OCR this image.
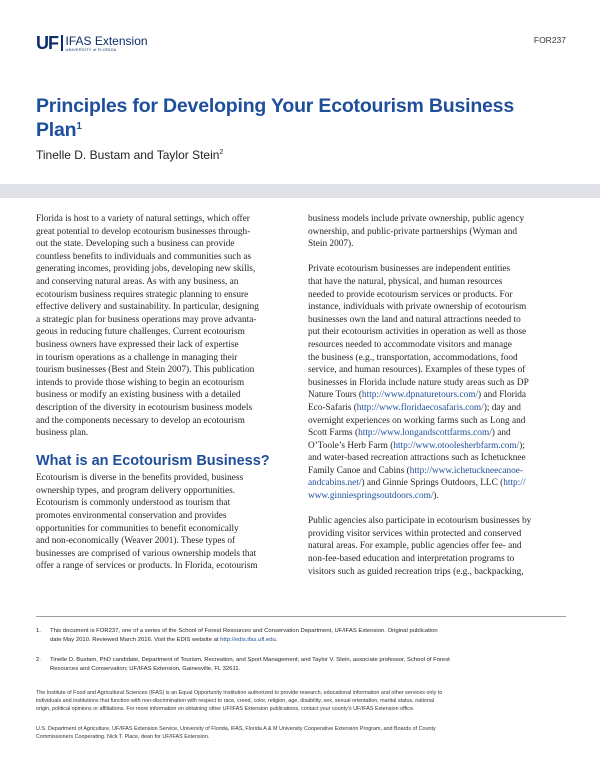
UF IFAS Extension
UNIVERSITY of FLORIDA
FOR237
Principles for Developing Your Ecotourism Business Plan$^1$
Tinelle D. Bustam and Taylor Stein$^2$

Florida is host to a variety of natural settings, which offer
great potential to develop ecotourism businesses through-
out the state. Developing such a business can provide
countless benefits to individuals and communities such as
generating incomes, providing jobs, developing new skills,
and conserving natural areas. As with any business, an
ecotourism business requires strategic planning to ensure
effective delivery and sustainability. In particular, designing
a strategic plan for business operations may prove advanta-
geous in reducing future challenges. Current ecotourism
business owners have expressed their lack of expertise
in tourism operations as a challenge in managing their
tourism businesses (Best and Stein 2007). This publication
intends to provide those wishing to begin an ecotourism
business or modify an existing business with a detailed
description of the diversity in ecotourism business models
and the components necessary to develop an ecotourism
business plan.

What is an Ecotourism Business?

Ecotourism is diverse in the benefits provided, business
ownership types, and program delivery opportunities.
Ecotourism is commonly understood as tourism that
promotes environmental conservation and provides
opportunities for communities to benefit economically
and non-economically (Weaver 2001). These types of
businesses are comprised of various ownership models that
offer a range of services or products. In Florida, ecotourism

business models include private ownership, public agency
ownership, and public-private partnerships (Wyman and
Stein 2007).

Private ecotourism businesses are independent entities
that have the natural, physical, and human resources
needed to provide ecotourism services or products. For
instance, individuals with private ownership of ecotourism
businesses own the land and natural attractions needed to
put their ecotourism activities in operation as well as those
resources needed to accommodate visitors and manage
the business (e.g., transportation, accommodations, food
service, and human resources). Examples of these types of
businesses in Florida include nature study areas such as DP
Nature Tours (http://www.dpnaturetours.com/) and Florida
Eco-Safaris (http://www.floridaecosafaris.com/); day and
overnight experiences on working farms such as Long and
Scott Farms (http://www.longandscottfarms.com/) and
O’Toole’s Herb Farm (http://www.otoolesherbfarm.com/);
and water-based recreation attractions such as Ichetucknee
Family Canoe and Cabins (http://www.ichetuckneecanoe-
andcabins.net/) and Ginnie Springs Outdoors, LLC (http://
www.ginniespringsoutdoors.com/).

Public agencies also participate in ecotourism businesses by
providing visitor services within protected and conserved
natural areas. For example, public agencies offer fee- and
non-fee-based education and interpretation programs to
visitors such as guided recreation trips (e.g., backpacking,

1. This document is FOR237, one of a series of the School of Forest Resources and Conservation Department, UF/IFAS Extension. Original publication
date May 2010. Reviewed March 2016. Visit the EDIS website at http://edis.ifas.ufl.edu.
2. Tinelle D. Bustam, PhD candidate, Department of Tourism, Recreation, and Sport Management; and Taylor V. Stein, associate professor, School of Forest
Resources and Conservation; UF/IFAS Extension, Gainesville, FL 32611.
The Institute of Food and Agricultural Sciences (IFAS) is an Equal Opportunity Institution authorized to provide research, educational information and other services only to
individuals and institutions that function with non-discrimination with respect to race, creed, color, religion, age, disability, sex, sexual orientation, marital status, national
origin, political opinions or affiliations. For more information on obtaining other UF/IFAS Extension publications, contact your county’s UF/IFAS Extension office.
U.S. Department of Agriculture, UF/IFAS Extension Service, University of Florida, IFAS, Florida A & M University Cooperative Extension Program, and Boards of County
Commissioners Cooperating. Nick T. Place, dean for UF/IFAS Extension.
